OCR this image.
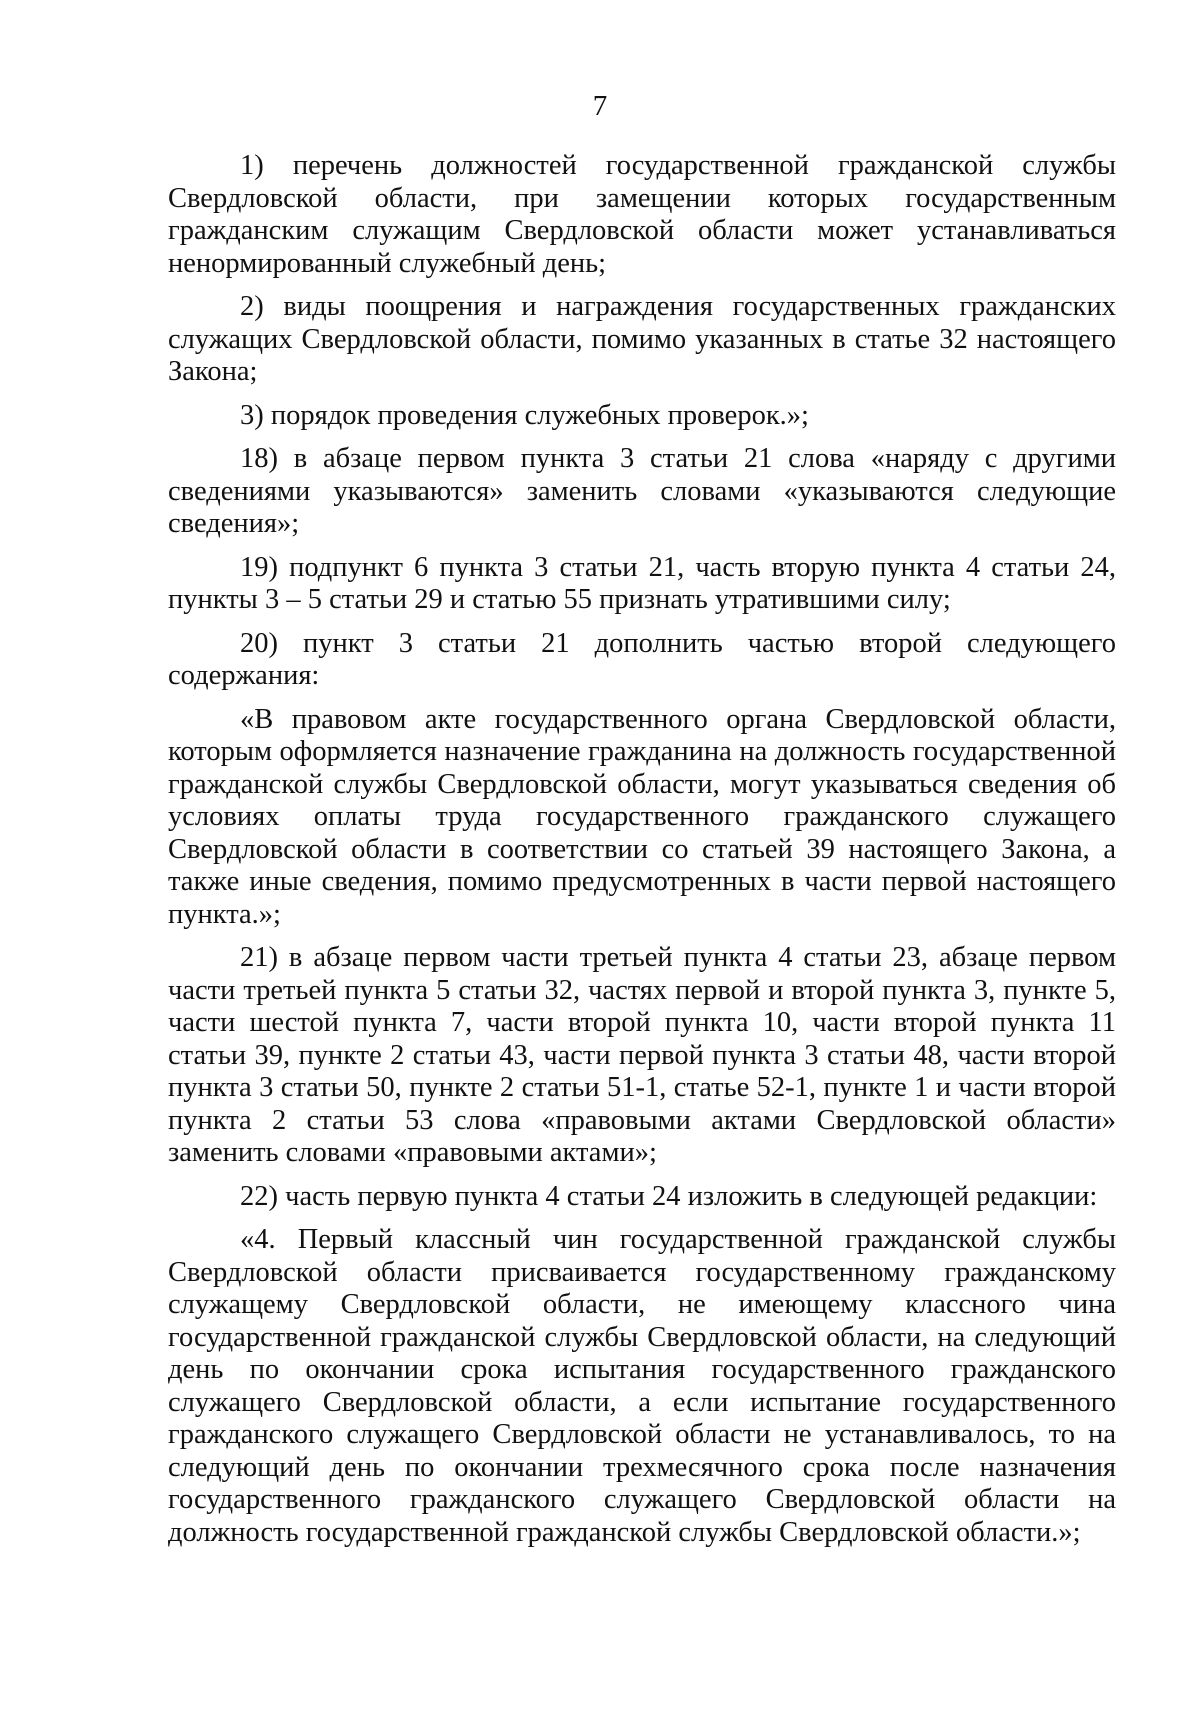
7

1) перечень должностей государственной гражданской службы Свердловской области, при замещении которых государственным гражданским служащим Свердловской области может устанавливаться ненормированный служебный день;

2) виды поощрения и награждения государственных гражданских служащих Свердловской области, помимо указанных в статье 32 настоящего Закона;

3) порядок проведения служебных проверок.»;

18) в абзаце первом пункта 3 статьи 21 слова «наряду с другими сведениями указываются» заменить словами «указываются следующие сведения»;

19) подпункт 6 пункта 3 статьи 21, часть вторую пункта 4 статьи 24, пункты 3 – 5 статьи 29 и статью 55 признать утратившими силу;

20) пункт 3 статьи 21 дополнить частью второй следующего содержания:

«В правовом акте государственного органа Свердловской области, которым оформляется назначение гражданина на должность государственной гражданской службы Свердловской области, могут указываться сведения об условиях оплаты труда государственного гражданского служащего Свердловской области в соответствии со статьей 39 настоящего Закона, а также иные сведения, помимо предусмотренных в части первой настоящего пункта.»;

21) в абзаце первом части третьей пункта 4 статьи 23, абзаце первом части третьей пункта 5 статьи 32, частях первой и второй пункта 3, пункте 5, части шестой пункта 7, части второй пункта 10, части второй пункта 11 статьи 39, пункте 2 статьи 43, части первой пункта 3 статьи 48, части второй пункта 3 статьи 50, пункте 2 статьи 51-1, статье 52-1, пункте 1 и части второй пункта 2 статьи 53 слова «правовыми актами Свердловской области» заменить словами «правовыми актами»;

22) часть первую пункта 4 статьи 24 изложить в следующей редакции:

«4. Первый классный чин государственной гражданской службы Свердловской области присваивается государственному гражданскому служащему Свердловской области, не имеющему классного чина государственной гражданской службы Свердловской области, на следующий день по окончании срока испытания государственного гражданского служащего Свердловской области, а если испытание государственного гражданского служащего Свердловской области не устанавливалось, то на следующий день по окончании трехмесячного срока после назначения государственного гражданского служащего Свердловской области на должность государственной гражданской службы Свердловской области.»;
